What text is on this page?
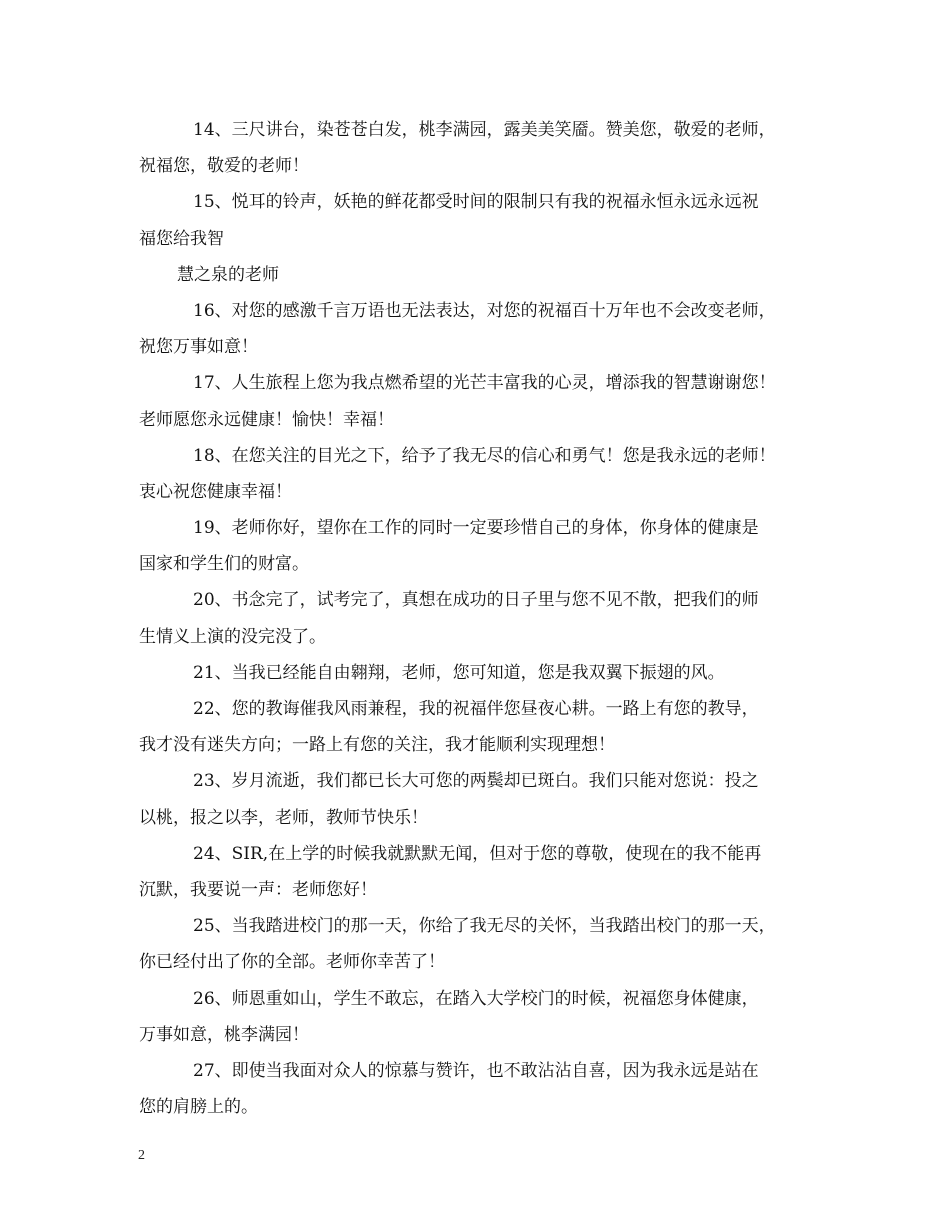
14、三尺讲台，染苍苍白发，桃李满园，露美美笑靥。赞美您，敬爱的老师，
祝福您，敬爱的老师！
15、悦耳的铃声，妖艳的鲜花都受时间的限制只有我的祝福永恒永远永远祝
福您给我智
慧之泉的老师
16、对您的感激千言万语也无法表达，对您的祝福百十万年也不会改变老师，
祝您万事如意！
17、人生旅程上您为我点燃希望的光芒丰富我的心灵，增添我的智慧谢谢您！
老师愿您永远健康！愉快！幸福！
18、在您关注的目光之下，给予了我无尽的信心和勇气！您是我永远的老师！
衷心祝您健康幸福！
19、老师你好，望你在工作的同时一定要珍惜自己的身体，你身体的健康是
国家和学生们的财富。
20、书念完了，试考完了，真想在成功的日子里与您不见不散，把我们的师
生情义上演的没完没了。
21、当我已经能自由翱翔，老师，您可知道，您是我双翼下振翅的风。
22、您的教诲催我风雨兼程，我的祝福伴您昼夜心耕。一路上有您的教导，
我才没有迷失方向；一路上有您的关注，我才能顺利实现理想！
23、岁月流逝，我们都已长大可您的两鬓却已斑白。我们只能对您说：投之
以桃，报之以李，老师，教师节快乐！
24、SIR,在上学的时候我就默默无闻，但对于您的尊敬，使现在的我不能再
沉默，我要说一声：老师您好！
25、当我踏进校门的那一天，你给了我无尽的关怀，当我踏出校门的那一天，
你已经付出了你的全部。老师你幸苦了！
26、师恩重如山，学生不敢忘，在踏入大学校门的时候，祝福您身体健康，
万事如意，桃李满园！
27、即使当我面对众人的惊慕与赞许，也不敢沾沾自喜，因为我永远是站在
您的肩膀上的。
2
